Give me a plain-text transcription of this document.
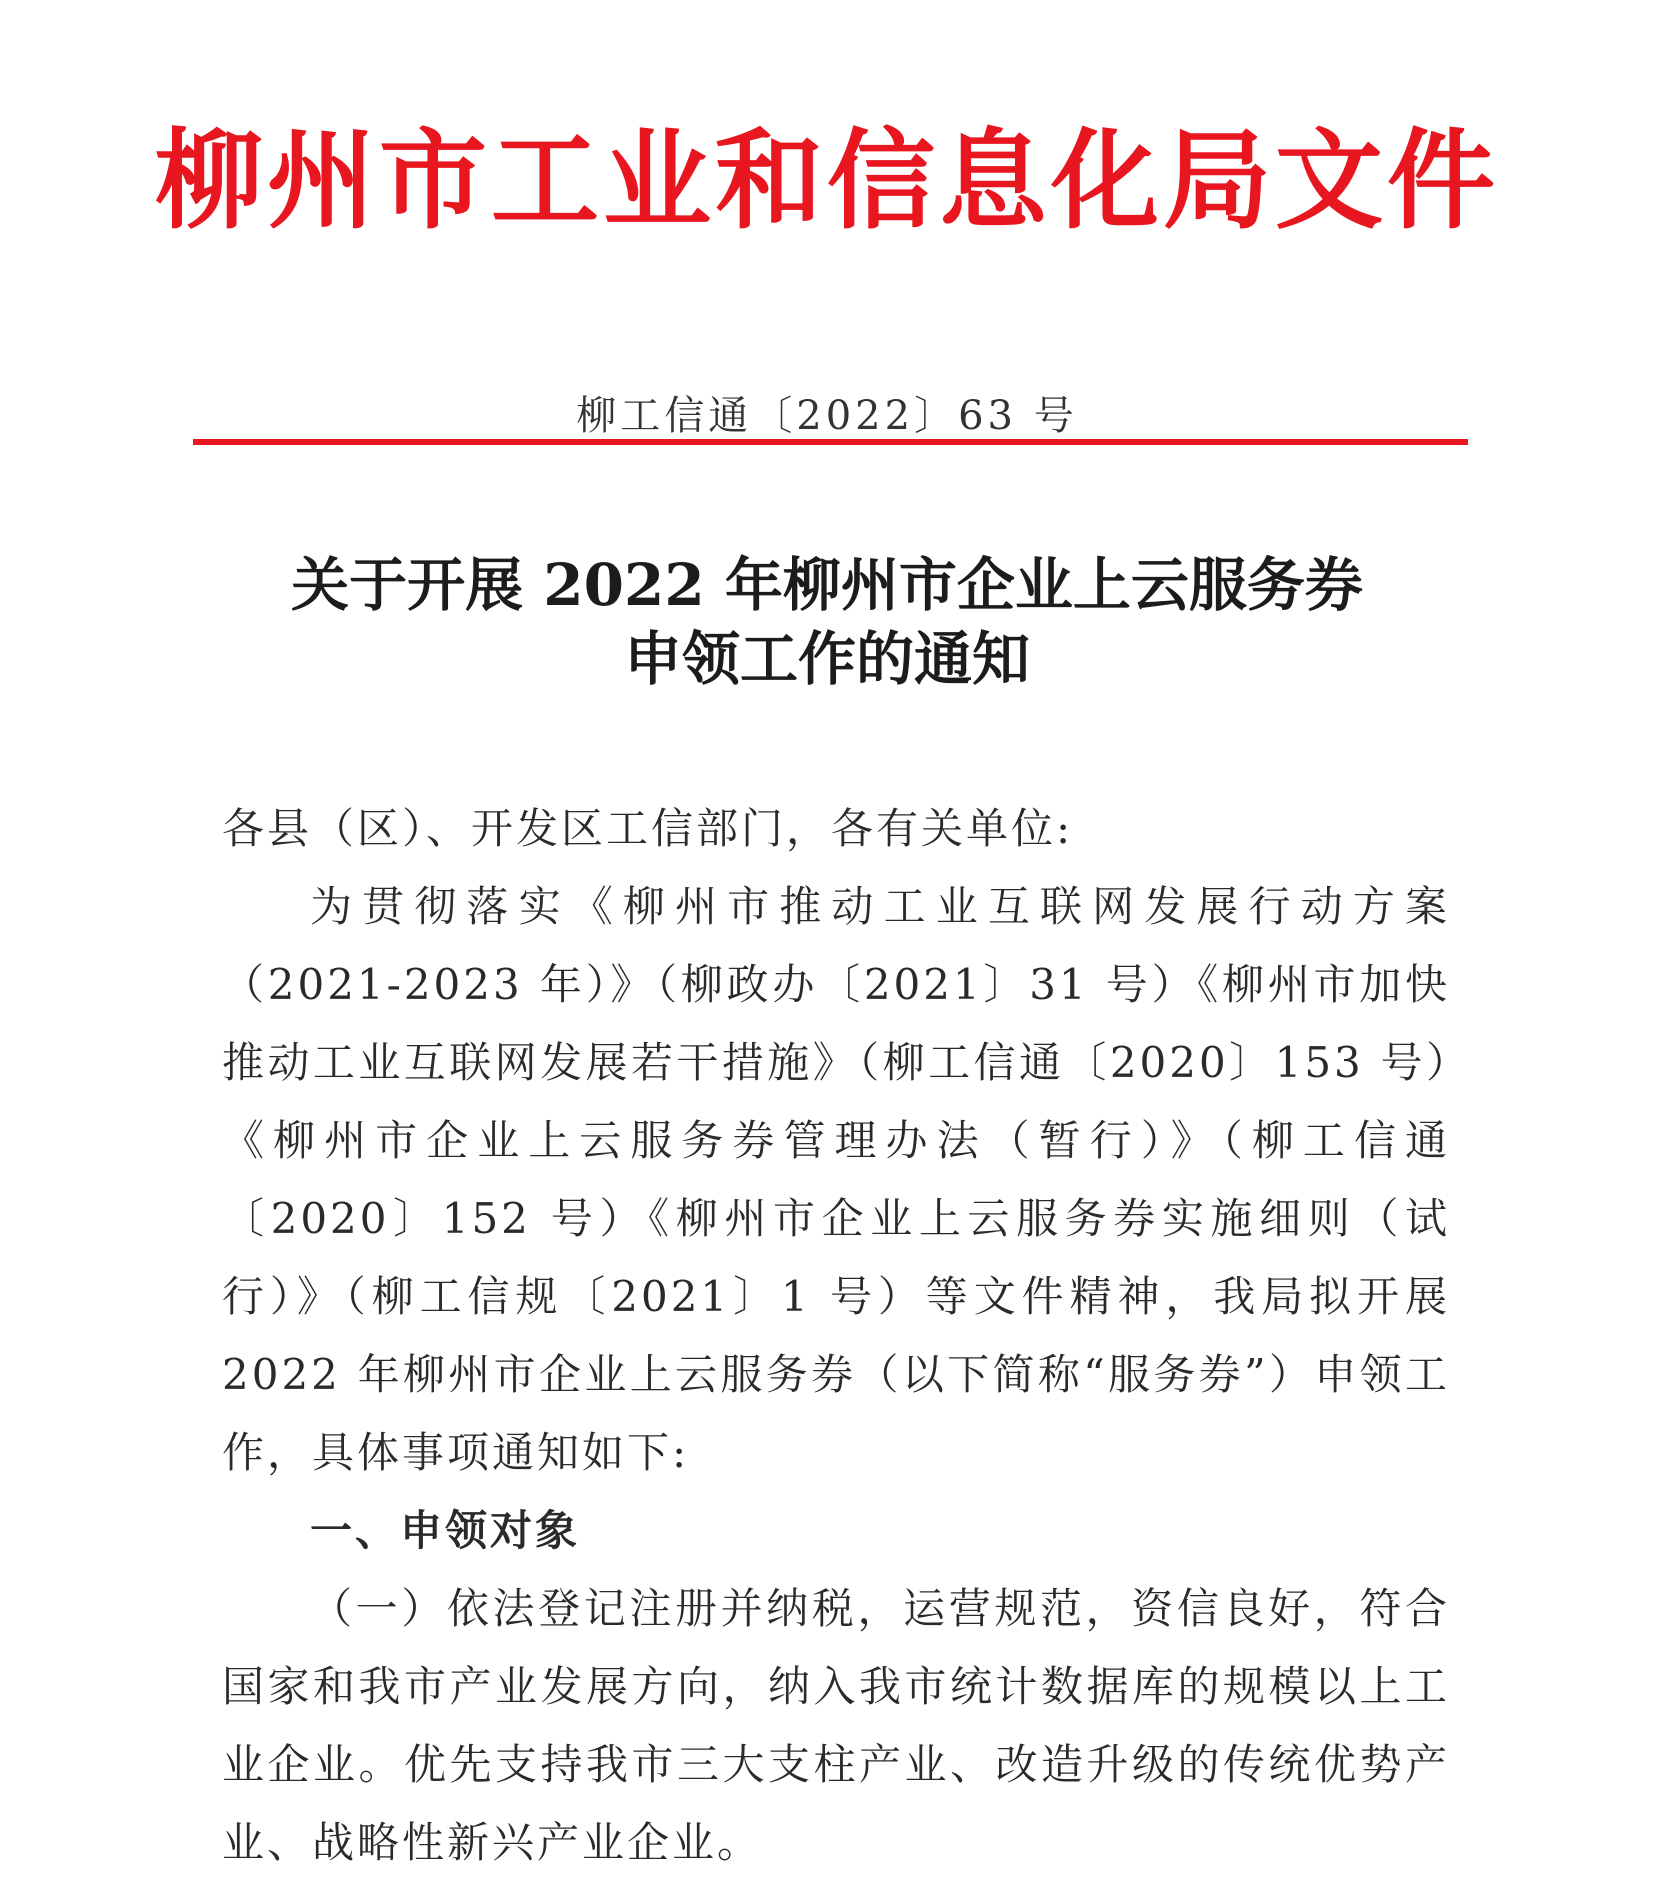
柳州市工业和信息化局文件
柳工信通〔2022〕63 号
关于开展 2022 年柳州市企业上云服务券
申领工作的通知

各县（区）、开发区工信部门，各有关单位:

为贯彻落实《柳州市推动工业互联网发展行动方案（2021-2023 年）》（柳政办〔2021〕31 号）《柳州市加快推动工业互联网发展若干措施》（柳工信通〔2020〕153 号）《柳州市企业上云服务券管理办法（暂行）》（柳工信通〔2020〕152 号）《柳州市企业上云服务券实施细则（试行）》（柳工信规〔2021〕1 号）等文件精神，我局拟开展 2022 年柳州市企业上云服务券（以下简称“服务券”）申领工作，具体事项通知如下:

一、申领对象

（一）依法登记注册并纳税，运营规范，资信良好，符合国家和我市产业发展方向，纳入我市统计数据库的规模以上工业企业。优先支持我市三大支柱产业、改造升级的传统优势产业、战略性新兴产业企业。
